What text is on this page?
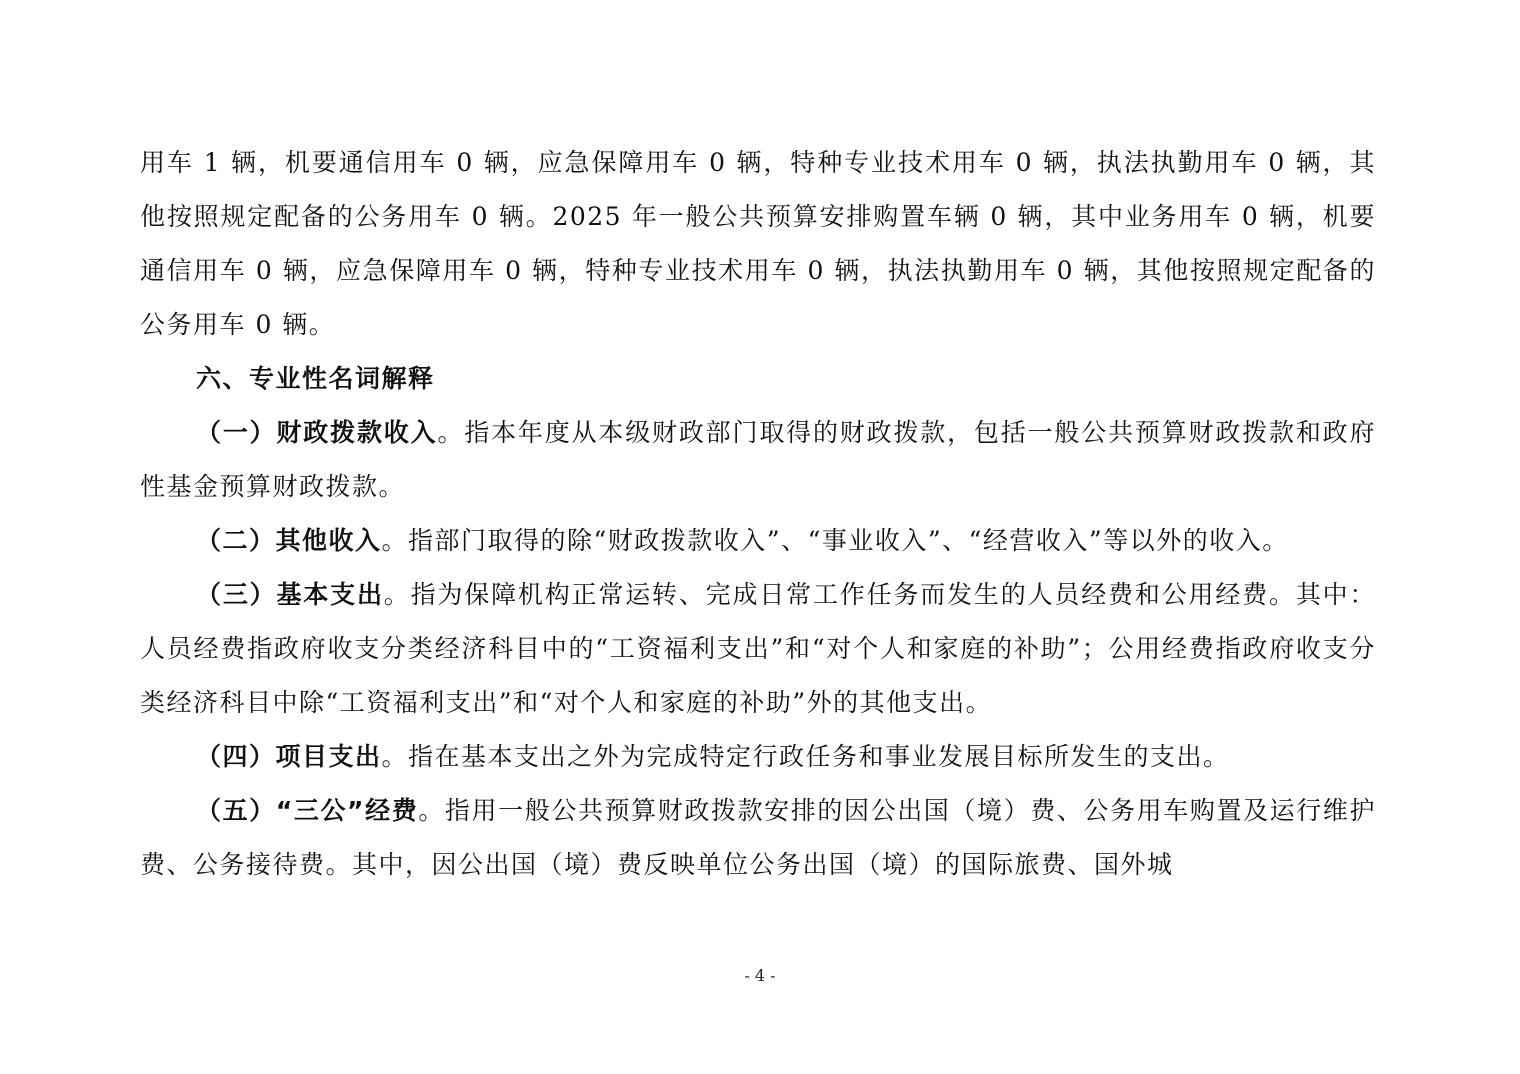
用车 1 辆，机要通信用车 0 辆，应急保障用车 0 辆，特种专业技术用车 0 辆，执法执勤用车 0 辆，其他按照规定配备的公务用车 0 辆。2025 年一般公共预算安排购置车辆 0 辆，其中业务用车 0 辆，机要通信用车 0 辆，应急保障用车 0 辆，特种专业技术用车 0 辆，执法执勤用车 0 辆，其他按照规定配备的公务用车 0 辆。

六、专业性名词解释

（一）财政拨款收入。指本年度从本级财政部门取得的财政拨款，包括一般公共预算财政拨款和政府性基金预算财政拨款。

（二）其他收入。指部门取得的除“财政拨款收入”、“事业收入”、“经营收入”等以外的收入。

（三）基本支出。指为保障机构正常运转、完成日常工作任务而发生的人员经费和公用经费。其中：人员经费指政府收支分类经济科目中的“工资福利支出”和“对个人和家庭的补助”；公用经费指政府收支分类经济科目中除“工资福利支出”和“对个人和家庭的补助”外的其他支出。

（四）项目支出。指在基本支出之外为完成特定行政任务和事业发展目标所发生的支出。

（五）“三公”经费。指用一般公共预算财政拨款安排的因公出国（境）费、公务用车购置及运行维护费、公务接待费。其中，因公出国（境）费反映单位公务出国（境）的国际旅费、国外城

- 4 -
